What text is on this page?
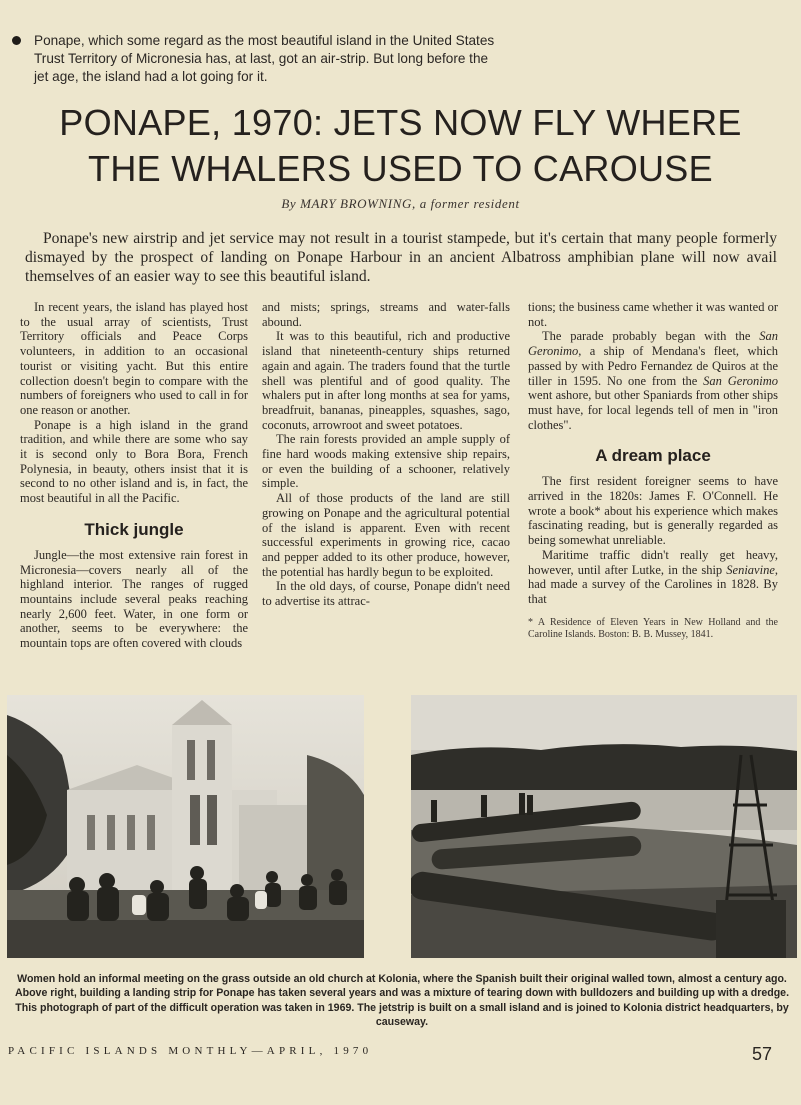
Ponape, which some regard as the most beautiful island in the United States Trust Territory of Micronesia has, at last, got an air-strip. But long before the jet age, the island had a lot going for it.
PONAPE, 1970: JETS NOW FLY WHERE
THE WHALERS USED TO CAROUSE
By MARY BROWNING, a former resident
Ponape's new airstrip and jet service may not result in a tourist stampede, but it's certain that many people formerly dismayed by the prospect of landing on Ponape Harbour in an ancient Albatross amphibian plane will now avail themselves of an easier way to see this beautiful island.

In recent years, the island has played host to the usual array of scientists, Trust Territory officials and Peace Corps volunteers, in addition to an occasional tourist or visiting yacht. But this entire collection doesn't begin to compare with the numbers of foreigners who used to call in for one reason or another.

Ponape is a high island in the grand tradition, and while there are some who say it is second only to Bora Bora, French Polynesia, in beauty, others insist that it is second to no other island and is, in fact, the most beautiful in all the Pacific.

Thick jungle

Jungle—the most extensive rain forest in Micronesia—covers nearly all of the highland interior. The ranges of rugged mountains include several peaks reaching nearly 2,600 feet. Water, in one form or another, seems to be everywhere: the mountain tops are often covered with clouds

and mists; springs, streams and water-falls abound.

It was to this beautiful, rich and productive island that nineteenth-century ships returned again and again. The traders found that the turtle shell was plentiful and of good quality. The whalers put in after long months at sea for yams, breadfruit, bananas, pineapples, squashes, sago, coconuts, arrowroot and sweet potatoes.

The rain forests provided an ample supply of fine hard woods making extensive ship repairs, or even the building of a schooner, relatively simple.

All of those products of the land are still growing on Ponape and the agricultural potential of the island is apparent. Even with recent successful experiments in growing rice, cacao and pepper added to its other produce, however, the potential has hardly begun to be exploited.

In the old days, of course, Ponape didn't need to advertise its attrac-

tions; the business came whether it was wanted or not.

The parade probably began with the San Geronimo, a ship of Mendana's fleet, which passed by with Pedro Fernandez de Quiros at the tiller in 1595. No one from the San Geronimo went ashore, but other Spaniards from other ships must have, for local legends tell of men in "iron clothes".

A dream place

The first resident foreigner seems to have arrived in the 1820s: James F. O'Connell. He wrote a book* about his experience which makes fascinating reading, but is generally regarded as being somewhat unreliable.

Maritime traffic didn't really get heavy, however, until after Lutke, in the ship Seniavine, had made a survey of the Carolines in 1828. By that

* A Residence of Eleven Years in New Holland and the Caroline Islands. Boston: B. B. Mussey, 1841.

Women hold an informal meeting on the grass outside an old church at Kolonia, where the Spanish built their original walled town, almost a century ago. Above right, building a landing strip for Ponape has taken several years and was a mixture of tearing down with bulldozers and building up with a dredge. This photograph of part of the difficult operation was taken in 1969. The jetstrip is built on a small island and is joined to Kolonia district headquarters, by causeway.
PACIFIC ISLANDS MONTHLY—APRIL, 1970	57
